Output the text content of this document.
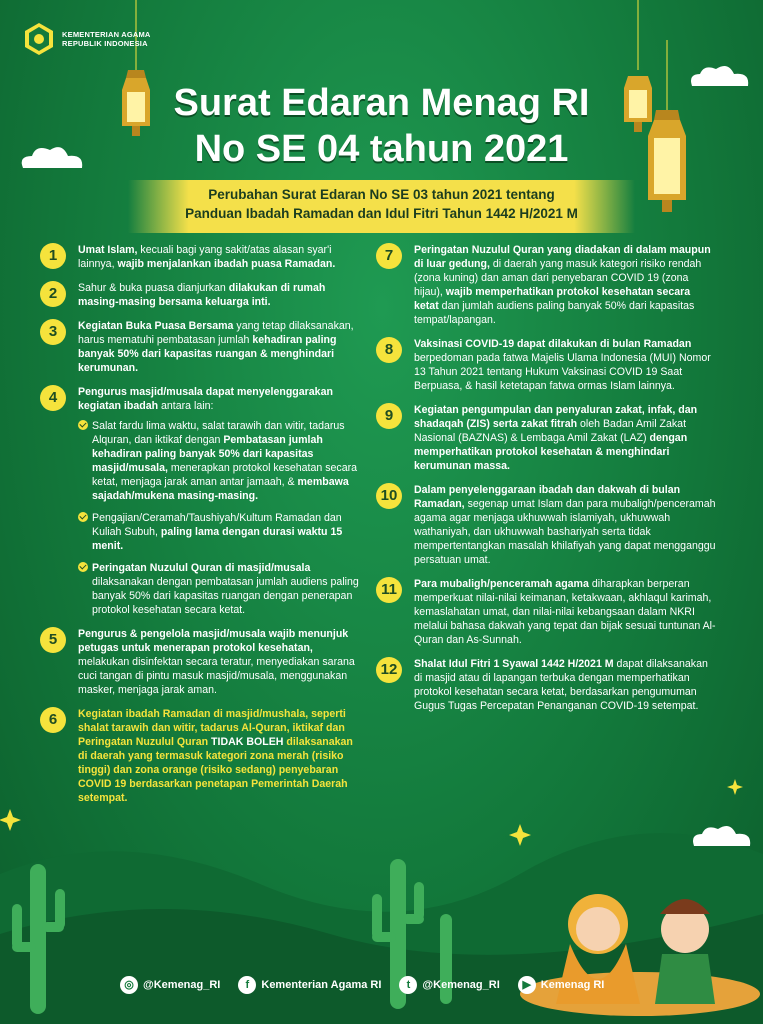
KEMENTERIAN AGAMA
REPUBLIK INDONESIA
Surat Edaran Menag RI
No SE 04 tahun 2021
Perubahan Surat Edaran No SE 03 tahun 2021 tentang
Panduan Ibadah Ramadan dan Idul Fitri Tahun 1442 H/2021 M
1	Umat Islam, kecuali bagi yang sakit/atas alasan syar'i lainnya, wajib menjalankan ibadah puasa Ramadan.
2	Sahur & buka puasa dianjurkan dilakukan di rumah masing-masing bersama keluarga inti.
3	Kegiatan Buka Puasa Bersama yang tetap dilaksanakan, harus mematuhi pembatasan jumlah kehadiran paling banyak 50% dari kapasitas ruangan & menghindari kerumunan.
4	Pengurus masjid/musala dapat menyelenggarakan kegiatan ibadah antara lain:
Salat fardu lima waktu, salat tarawih dan witir, tadarus Alquran, dan iktikaf dengan Pembatasan jumlah kehadiran paling banyak 50% dari kapasitas masjid/musala, menerapkan protokol kesehatan secara ketat, menjaga jarak aman antar jamaah, & membawa sajadah/mukena masing-masing.
Pengajian/Ceramah/Taushiyah/Kultum Ramadan dan Kuliah Subuh, paling lama dengan durasi waktu 15 menit.
Peringatan Nuzulul Quran di masjid/musala dilaksanakan dengan pembatasan jumlah audiens paling banyak 50% dari kapasitas ruangan dengan penerapan protokol kesehatan secara ketat.
5	Pengurus & pengelola masjid/musala wajib menunjuk petugas untuk menerapan protokol kesehatan, melakukan disinfektan secara teratur, menyediakan sarana cuci tangan di pintu masuk masjid/musala, menggunakan masker, menjaga jarak aman.
6	Kegiatan ibadah Ramadan di masjid/mushala, seperti shalat tarawih dan witir, tadarus Al-Quran, iktikaf dan Peringatan Nuzulul Quran TIDAK BOLEH dilaksanakan di daerah yang termasuk kategori zona merah (risiko tinggi) dan zona orange (risiko sedang) penyebaran COVID 19 berdasarkan penetapan Pemerintah Daerah setempat.
7	Peringatan Nuzulul Quran yang diadakan di dalam maupun di luar gedung, di daerah yang masuk kategori risiko rendah (zona kuning) dan aman dari penyebaran COVID 19 (zona hijau), wajib memperhatikan protokol kesehatan secara ketat dan jumlah audiens paling banyak 50% dari kapasitas tempat/lapangan.
8	Vaksinasi COVID-19 dapat dilakukan di bulan Ramadan berpedoman pada fatwa Majelis Ulama Indonesia (MUI) Nomor 13 Tahun 2021 tentang Hukum Vaksinasi COVID 19 Saat Berpuasa, & hasil ketetapan fatwa ormas Islam lainnya.
9	Kegiatan pengumpulan dan penyaluran zakat, infak, dan shadaqah (ZIS) serta zakat fitrah oleh Badan Amil Zakat Nasional (BAZNAS) & Lembaga Amil Zakat (LAZ) dengan memperhatikan protokol kesehatan & menghindari kerumunan massa.
10	Dalam penyelenggaraan ibadah dan dakwah di bulan Ramadan, segenap umat Islam dan para mubaligh/penceramah agama agar menjaga ukhuwwah islamiyah, ukhuwwah wathaniyah, dan ukhuwwah bashariyah serta tidak mempertentangkan masalah khilafiyah yang dapat mengganggu persatuan umat.
11	Para mubaligh/penceramah agama diharapkan berperan memperkuat nilai-nilai keimanan, ketakwaan, akhlaqul karimah, kemaslahatan umat, dan nilai-nilai kebangsaan dalam NKRI melalui bahasa dakwah yang tepat dan bijak sesuai tuntunan Al-Quran dan As-Sunnah.
12	Shalat Idul Fitri 1 Syawal 1442 H/2021 M dapat dilaksanakan di masjid atau di lapangan terbuka dengan memperhatikan protokol kesehatan secara ketat, berdasarkan pengumuman Gugus Tugas Percepatan Penanganan COVID-19 setempat.
◎ @Kemenag_RI	f	Kementerian Agama RI	t	@Kemenag_RI	▶ Kemenag RI
